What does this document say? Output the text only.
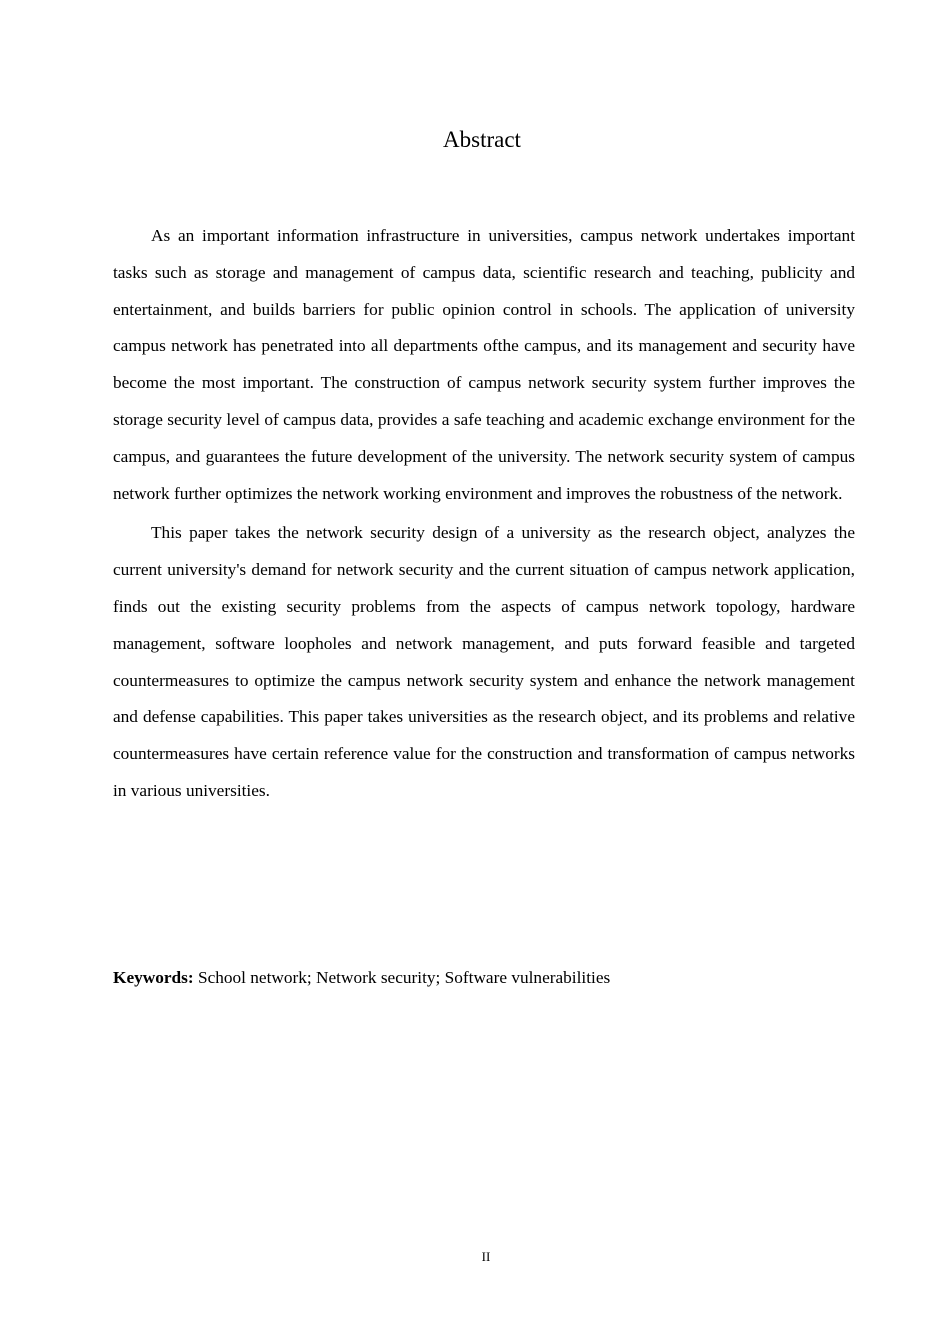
Abstract

As an important information infrastructure in universities, campus network undertakes important tasks such as storage and management of campus data, scientific research and teaching, publicity and entertainment, and builds barriers for public opinion control in schools. The application of university campus network has penetrated into all departments ofthe campus, and its management and security have become the most important. The construction of campus network security system further improves the storage security level of campus data, provides a safe teaching and academic exchange environment for the campus, and guarantees the future development of the university. The network security system of campus network further optimizes the network working environment and improves the robustness of the network.

This paper takes the network security design of a university as the research object, analyzes the current university's demand for network security and the current situation of campus network application, finds out the existing security problems from the aspects of campus network topology, hardware management, software loopholes and network management, and puts forward feasible and targeted countermeasures to optimize the campus network security system and enhance the network management and defense capabilities. This paper takes universities as the research object, and its problems and relative countermeasures have certain reference value for the construction and transformation of campus networks in various universities.

Keywords: School network; Network security; Software vulnerabilities

II
